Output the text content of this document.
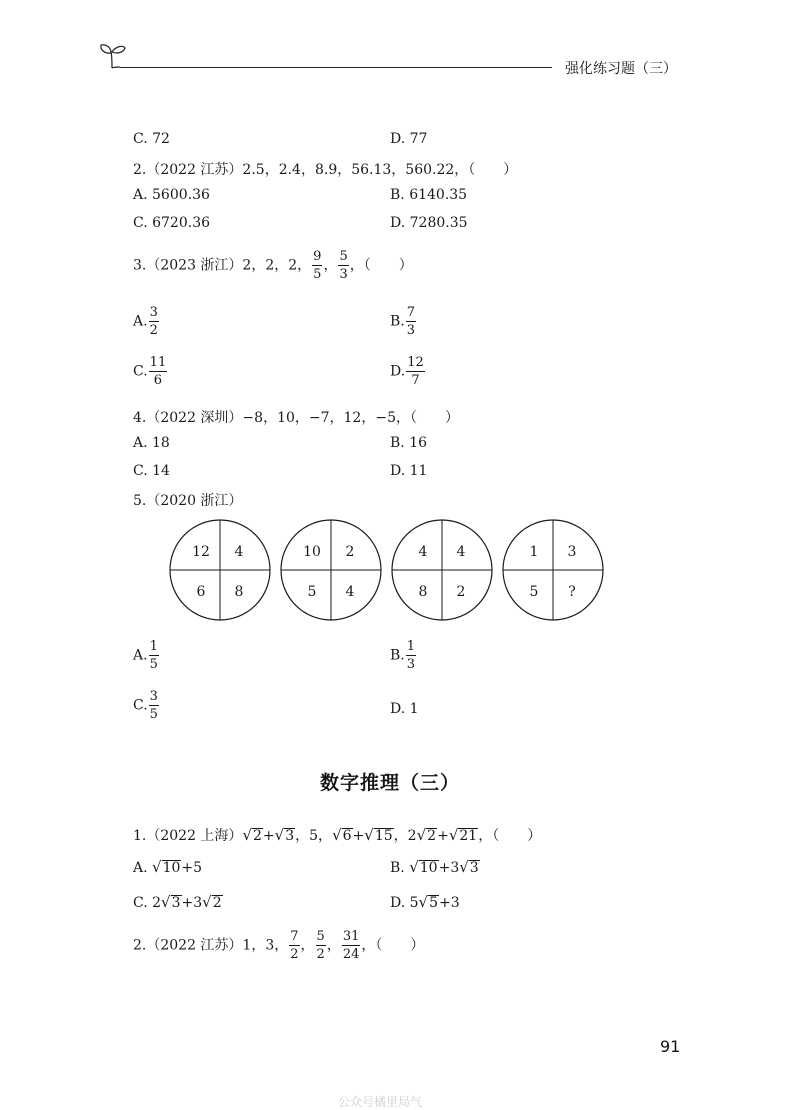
强化练习题（三）
C. 72	D. 77
2.（2022 江苏）2.5，2.4，8.9，56.13，560.22，（　　）
A. 5600.36	B. 6140.35
C. 6720.36	D. 7280.35
3.（2023 浙江）2，2，2， $\frac{9}{5}$ ， $\frac{5}{3}$ ，（　　）
A. $\frac{3}{2}$	B. $\frac{7}{3}$
C. $\frac{11}{6}$	D. $\frac{12}{7}$
4.（2022 深圳）−8，10，−7，12，−5，（　　）
A. 18	B. 16
C. 14	D. 11
5.（2020 浙江）
12 4
6 8
10 2
5 4
4 4
8 2
1 3
5 ?
A. $\frac{1}{5}$	B. $\frac{1}{3}$
C. $\frac{3}{5}$	D. 1
数字推理（三）
1.（2022 上海） √ 2 + √ 3 ，5， √ 6 + √ 15 ，2 √ 2 + √ 21 ，（　　）
A. √ 10 +5	B. √ 10 +3 √ 3
C. 2 √ 3 +3 √ 2	D. 5 √ 5 +3
2.（2022 江苏）1，3， $\frac{7}{2}$ ， $\frac{5}{2}$ ， $\frac{31}{24}$ ，（　　）
91
公众号橘里局气
